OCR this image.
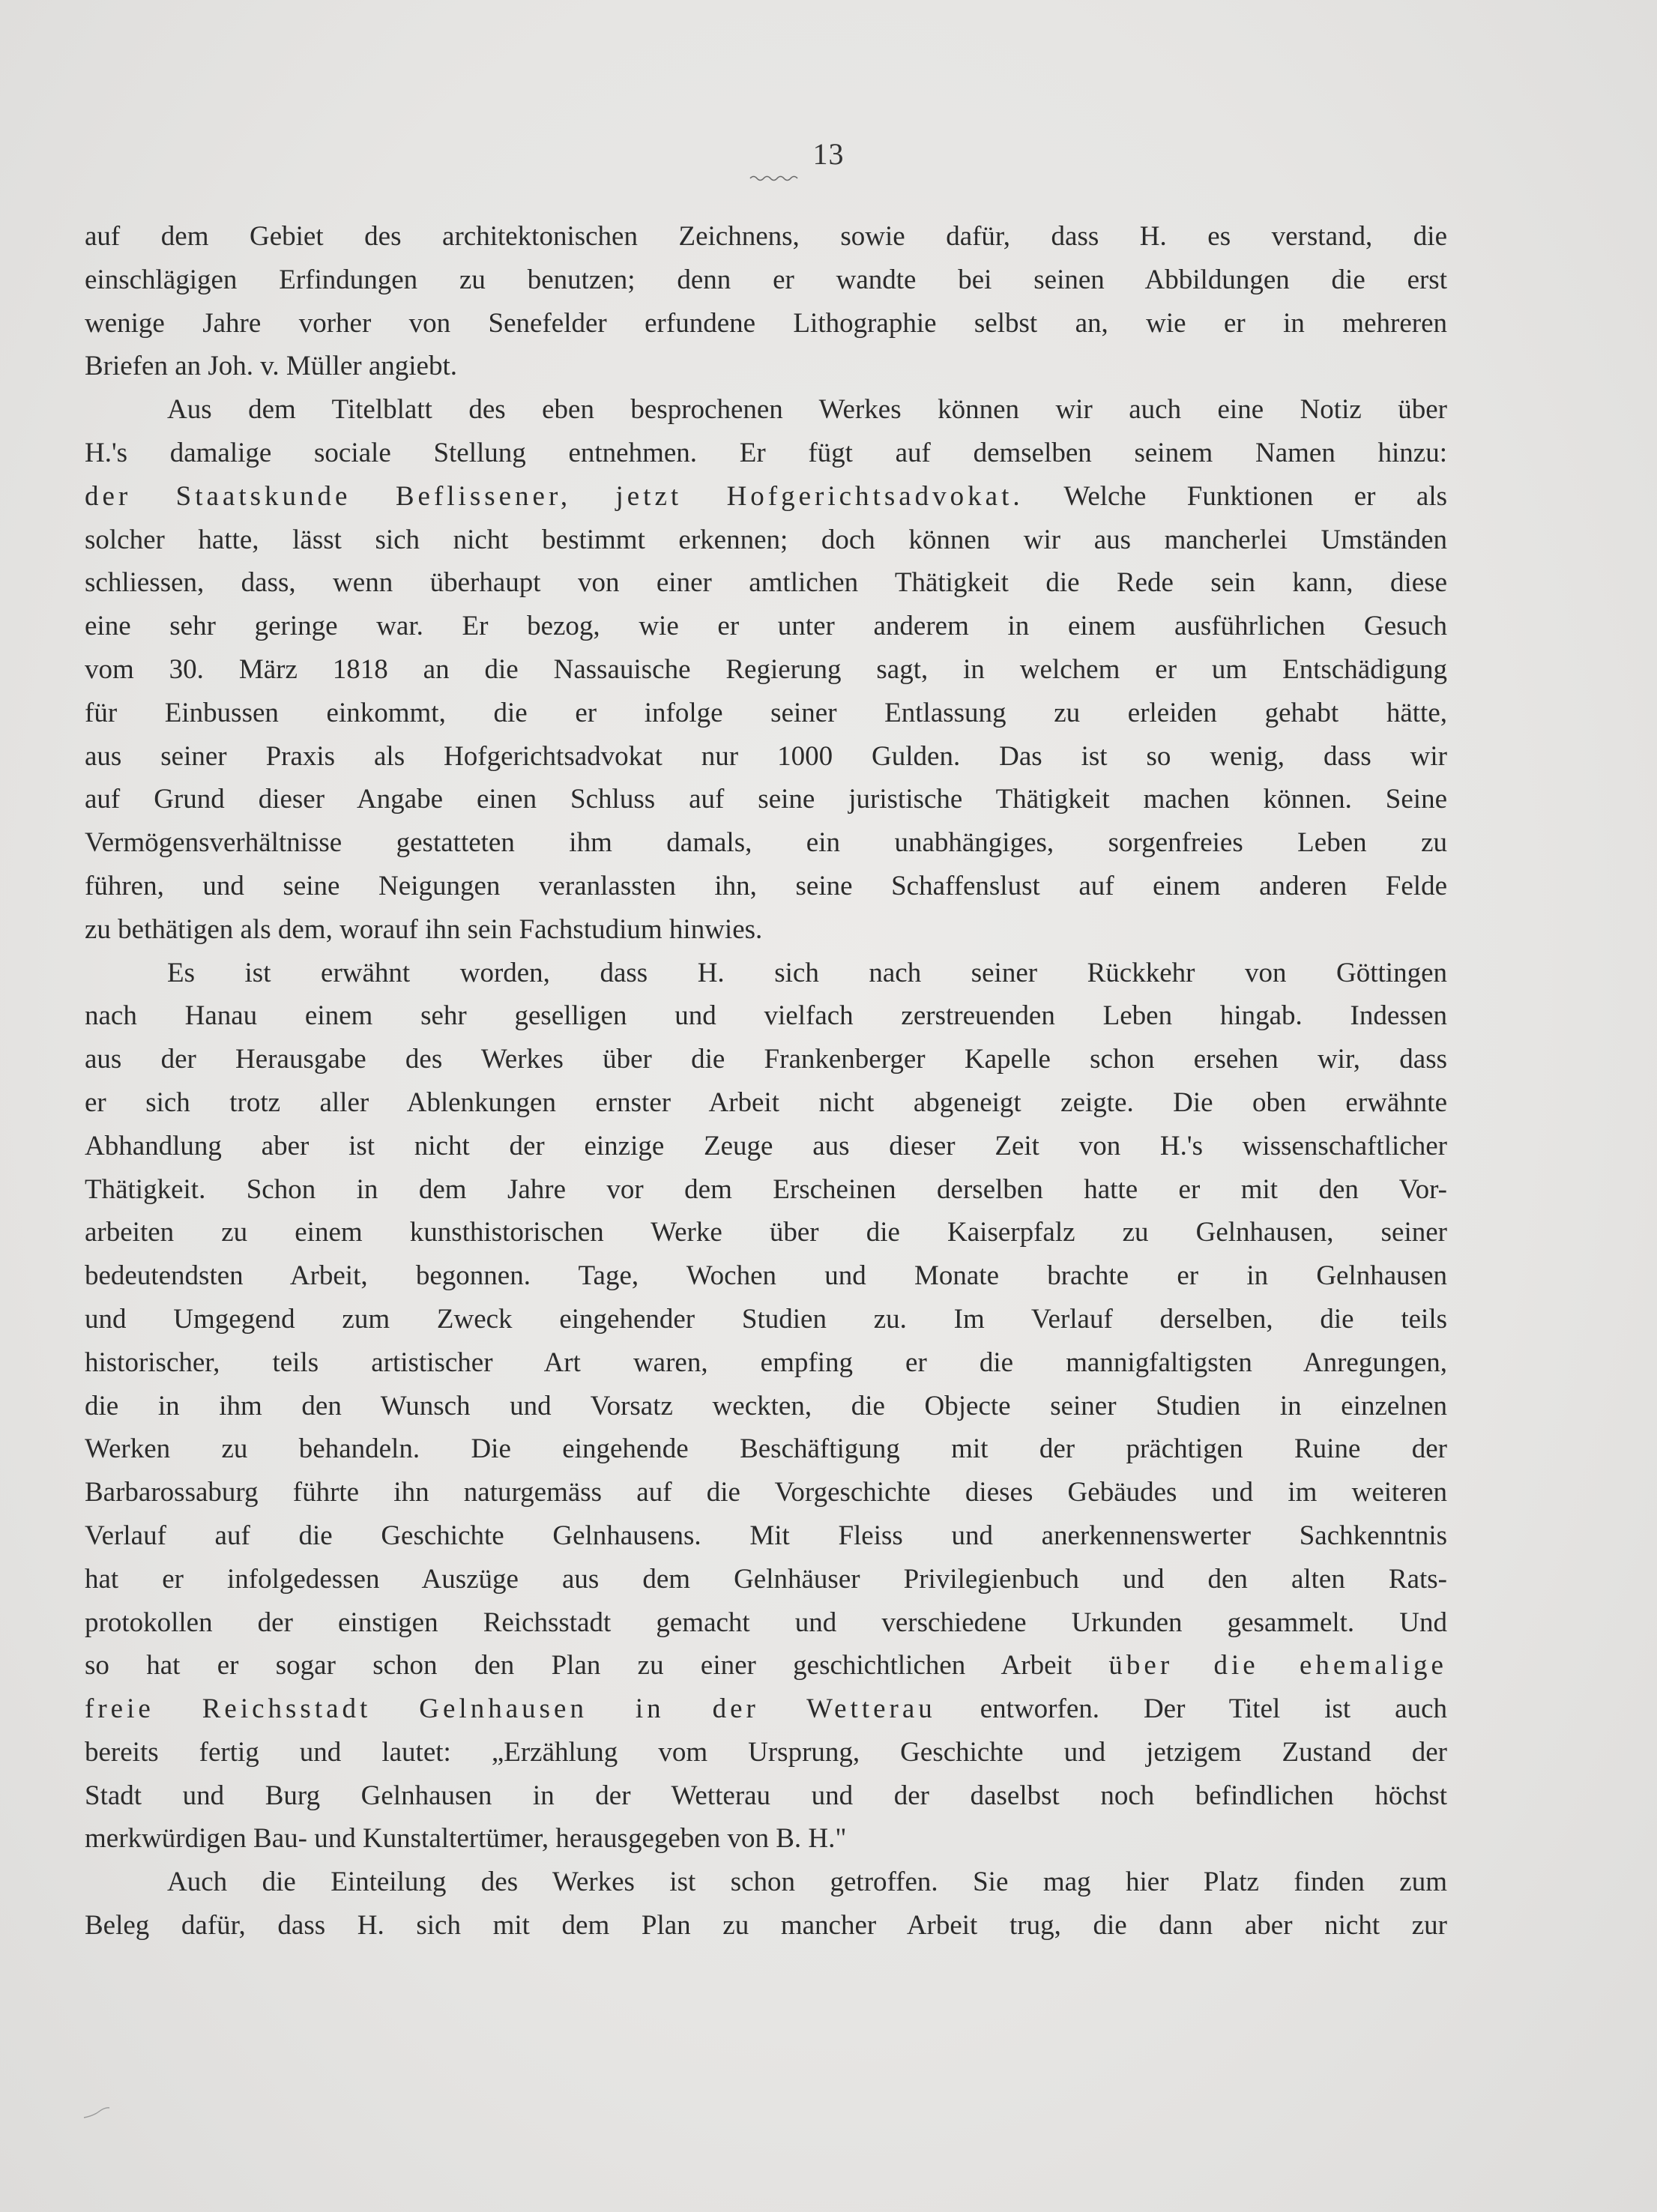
13
auf dem Gebiet des architektonischen Zeichnens, sowie dafür, dass H. es verstand, die
einschlägigen Erfindungen zu benutzen; denn er wandte bei seinen Abbildungen die erst
wenige Jahre vorher von Senefelder erfundene Lithographie selbst an, wie er in mehreren
Briefen an Joh. v. Müller angiebt.
Aus dem Titelblatt des eben besprochenen Werkes können wir auch eine Notiz über
H.'s damalige sociale Stellung entnehmen. Er fügt auf demselben seinem Namen hinzu:
der Staatskunde Beflissener, jetzt Hofgerichtsadvokat. Welche Funktionen er als
solcher hatte, lässt sich nicht bestimmt erkennen; doch können wir aus mancherlei Umständen
schliessen, dass, wenn überhaupt von einer amtlichen Thätigkeit die Rede sein kann, diese
eine sehr geringe war. Er bezog, wie er unter anderem in einem ausführlichen Gesuch
vom 30. März 1818 an die Nassauische Regierung sagt, in welchem er um Entschädigung
für Einbussen einkommt, die er infolge seiner Entlassung zu erleiden gehabt hätte,
aus seiner Praxis als Hofgerichtsadvokat nur 1000 Gulden. Das ist so wenig, dass wir
auf Grund dieser Angabe einen Schluss auf seine juristische Thätigkeit machen können. Seine
Vermögensverhältnisse gestatteten ihm damals, ein unabhängiges, sorgenfreies Leben zu
führen, und seine Neigungen veranlassten ihn, seine Schaffenslust auf einem anderen Felde
zu bethätigen als dem, worauf ihn sein Fachstudium hinwies.
Es ist erwähnt worden, dass H. sich nach seiner Rückkehr von Göttingen
nach Hanau einem sehr geselligen und vielfach zerstreuenden Leben hingab. Indessen
aus der Herausgabe des Werkes über die Frankenberger Kapelle schon ersehen wir, dass
er sich trotz aller Ablenkungen ernster Arbeit nicht abgeneigt zeigte. Die oben erwähnte
Abhandlung aber ist nicht der einzige Zeuge aus dieser Zeit von H.'s wissenschaftlicher
Thätigkeit. Schon in dem Jahre vor dem Erscheinen derselben hatte er mit den Vor-
arbeiten zu einem kunsthistorischen Werke über die Kaiserpfalz zu Gelnhausen, seiner
bedeutendsten Arbeit, begonnen. Tage, Wochen und Monate brachte er in Gelnhausen
und Umgegend zum Zweck eingehender Studien zu. Im Verlauf derselben, die teils
historischer, teils artistischer Art waren, empfing er die mannigfaltigsten Anregungen,
die in ihm den Wunsch und Vorsatz weckten, die Objecte seiner Studien in einzelnen
Werken zu behandeln. Die eingehende Beschäftigung mit der prächtigen Ruine der
Barbarossaburg führte ihn naturgemäss auf die Vorgeschichte dieses Gebäudes und im weiteren
Verlauf auf die Geschichte Gelnhausens. Mit Fleiss und anerkennenswerter Sachkenntnis
hat er infolgedessen Auszüge aus dem Gelnhäuser Privilegienbuch und den alten Rats-
protokollen der einstigen Reichsstadt gemacht und verschiedene Urkunden gesammelt. Und
so hat er sogar schon den Plan zu einer geschichtlichen Arbeit über die ehemalige
freie Reichsstadt Gelnhausen in der Wetterau entworfen. Der Titel ist auch
bereits fertig und lautet: „Erzählung vom Ursprung, Geschichte und jetzigem Zustand der
Stadt und Burg Gelnhausen in der Wetterau und der daselbst noch befindlichen höchst
merkwürdigen Bau- und Kunstaltertümer, herausgegeben von B. H."
Auch die Einteilung des Werkes ist schon getroffen. Sie mag hier Platz finden zum
Beleg dafür, dass H. sich mit dem Plan zu mancher Arbeit trug, die dann aber nicht zur
